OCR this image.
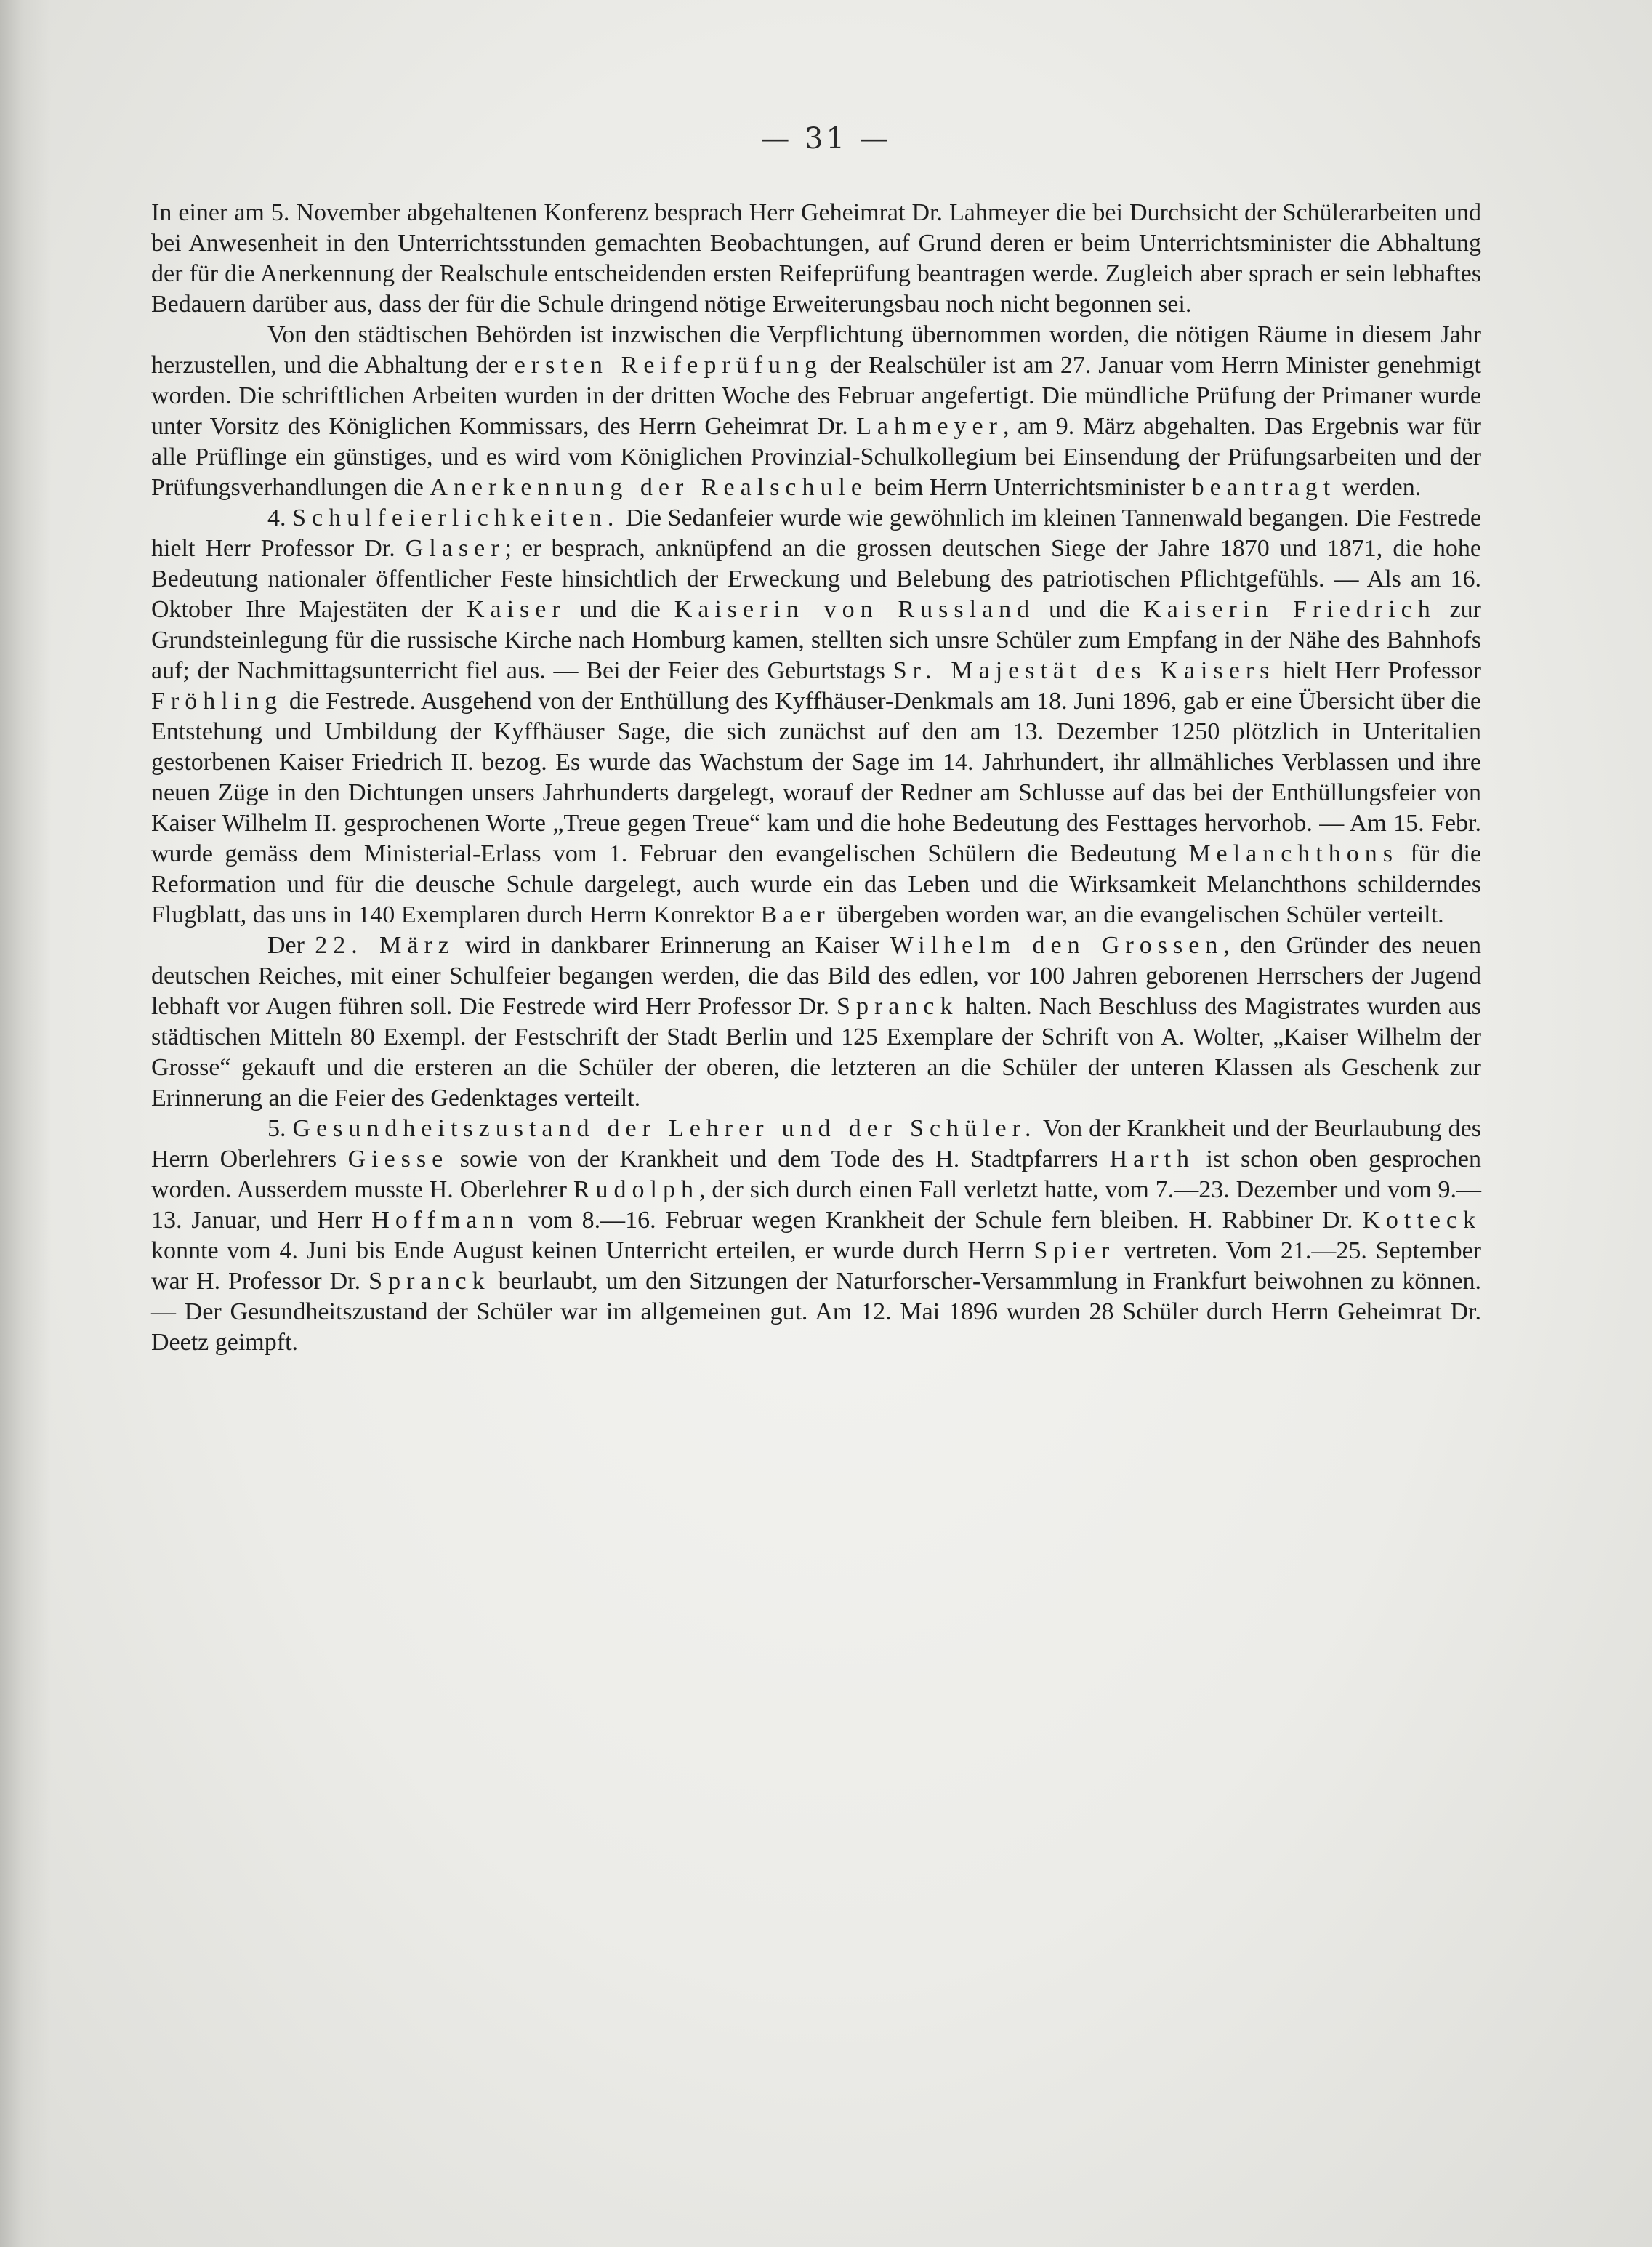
— 31 —

In einer am 5. November abgehaltenen Konferenz besprach Herr Geheimrat Dr. Lahmeyer die bei Durchsicht der Schülerarbeiten und bei Anwesenheit in den Unterrichtsstunden gemachten Beobachtungen, auf Grund deren er beim Unterrichtsminister die Abhaltung der für die Anerkennung der Realschule entscheidenden ersten Reifeprüfung beantragen werde. Zugleich aber sprach er sein lebhaftes Bedauern darüber aus, dass der für die Schule dringend nötige Erweiterungsbau noch nicht begonnen sei.

Von den städtischen Behörden ist inzwischen die Verpflichtung übernommen worden, die nötigen Räume in diesem Jahr herzustellen, und die Abhaltung der ersten Reifeprüfung der Realschüler ist am 27. Januar vom Herrn Minister genehmigt worden. Die schriftlichen Arbeiten wurden in der dritten Woche des Februar angefertigt. Die mündliche Prüfung der Primaner wurde unter Vorsitz des Königlichen Kommissars, des Herrn Geheimrat Dr. Lahmeyer, am 9. März abgehalten. Das Ergebnis war für alle Prüflinge ein günstiges, und es wird vom Königlichen Provinzial-Schulkollegium bei Einsendung der Prüfungsarbeiten und der Prüfungsverhandlungen die Anerkennung der Realschule beim Herrn Unterrichtsminister beantragt werden.

4. Schulfeierlichkeiten. Die Sedanfeier wurde wie gewöhnlich im kleinen Tannenwald begangen. Die Festrede hielt Herr Professor Dr. Glaser; er besprach, anknüpfend an die grossen deutschen Siege der Jahre 1870 und 1871, die hohe Bedeutung nationaler öffentlicher Feste hinsichtlich der Erweckung und Belebung des patriotischen Pflichtgefühls. — Als am 16. Oktober Ihre Majestäten der Kaiser und die Kaiserin von Russland und die Kaiserin Friedrich zur Grundsteinlegung für die russische Kirche nach Homburg kamen, stellten sich unsre Schüler zum Empfang in der Nähe des Bahnhofs auf; der Nachmittagsunterricht fiel aus. — Bei der Feier des Geburtstags Sr. Majestät des Kaisers hielt Herr Professor Fröhling die Festrede. Ausgehend von der Enthüllung des Kyffhäuser-Denkmals am 18. Juni 1896, gab er eine Übersicht über die Entstehung und Umbildung der Kyffhäuser Sage, die sich zunächst auf den am 13. Dezember 1250 plötzlich in Unteritalien gestorbenen Kaiser Friedrich II. bezog. Es wurde das Wachstum der Sage im 14. Jahrhundert, ihr allmähliches Verblassen und ihre neuen Züge in den Dichtungen unsers Jahrhunderts dargelegt, worauf der Redner am Schlusse auf das bei der Enthüllungsfeier von Kaiser Wilhelm II. gesprochenen Worte „Treue gegen Treue“ kam und die hohe Bedeutung des Festtages hervorhob. — Am 15. Febr. wurde gemäss dem Ministerial-Erlass vom 1. Februar den evangelischen Schülern die Bedeutung Melanchthons für die Reformation und für die deusche Schule dargelegt, auch wurde ein das Leben und die Wirksamkeit Melanchthons schilderndes Flugblatt, das uns in 140 Exemplaren durch Herrn Konrektor Baer übergeben worden war, an die evangelischen Schüler verteilt.

Der 22. März wird in dankbarer Erinnerung an Kaiser Wilhelm den Grossen, den Gründer des neuen deutschen Reiches, mit einer Schulfeier begangen werden, die das Bild des edlen, vor 100 Jahren geborenen Herrschers der Jugend lebhaft vor Augen führen soll. Die Festrede wird Herr Professor Dr. Spranck halten. Nach Beschluss des Magistrates wurden aus städtischen Mitteln 80 Exempl. der Festschrift der Stadt Berlin und 125 Exemplare der Schrift von A. Wolter, „Kaiser Wilhelm der Grosse“ gekauft und die ersteren an die Schüler der oberen, die letzteren an die Schüler der unteren Klassen als Geschenk zur Erinnerung an die Feier des Gedenktages verteilt.

5. Gesundheitszustand der Lehrer und der Schüler. Von der Krankheit und der Beurlaubung des Herrn Oberlehrers Giesse sowie von der Krankheit und dem Tode des H. Stadtpfarrers Harth ist schon oben gesprochen worden. Ausserdem musste H. Oberlehrer Rudolph, der sich durch einen Fall verletzt hatte, vom 7.—23. Dezember und vom 9.—13. Januar, und Herr Hoffmann vom 8.—16. Februar wegen Krankheit der Schule fern bleiben. H. Rabbiner Dr. Kotteck konnte vom 4. Juni bis Ende August keinen Unterricht erteilen, er wurde durch Herrn Spier vertreten. Vom 21.—25. September war H. Professor Dr. Spranck beurlaubt, um den Sitzungen der Naturforscher-Versammlung in Frankfurt beiwohnen zu können. — Der Gesundheitszustand der Schüler war im allgemeinen gut. Am 12. Mai 1896 wurden 28 Schüler durch Herrn Geheimrat Dr. Deetz geimpft.
